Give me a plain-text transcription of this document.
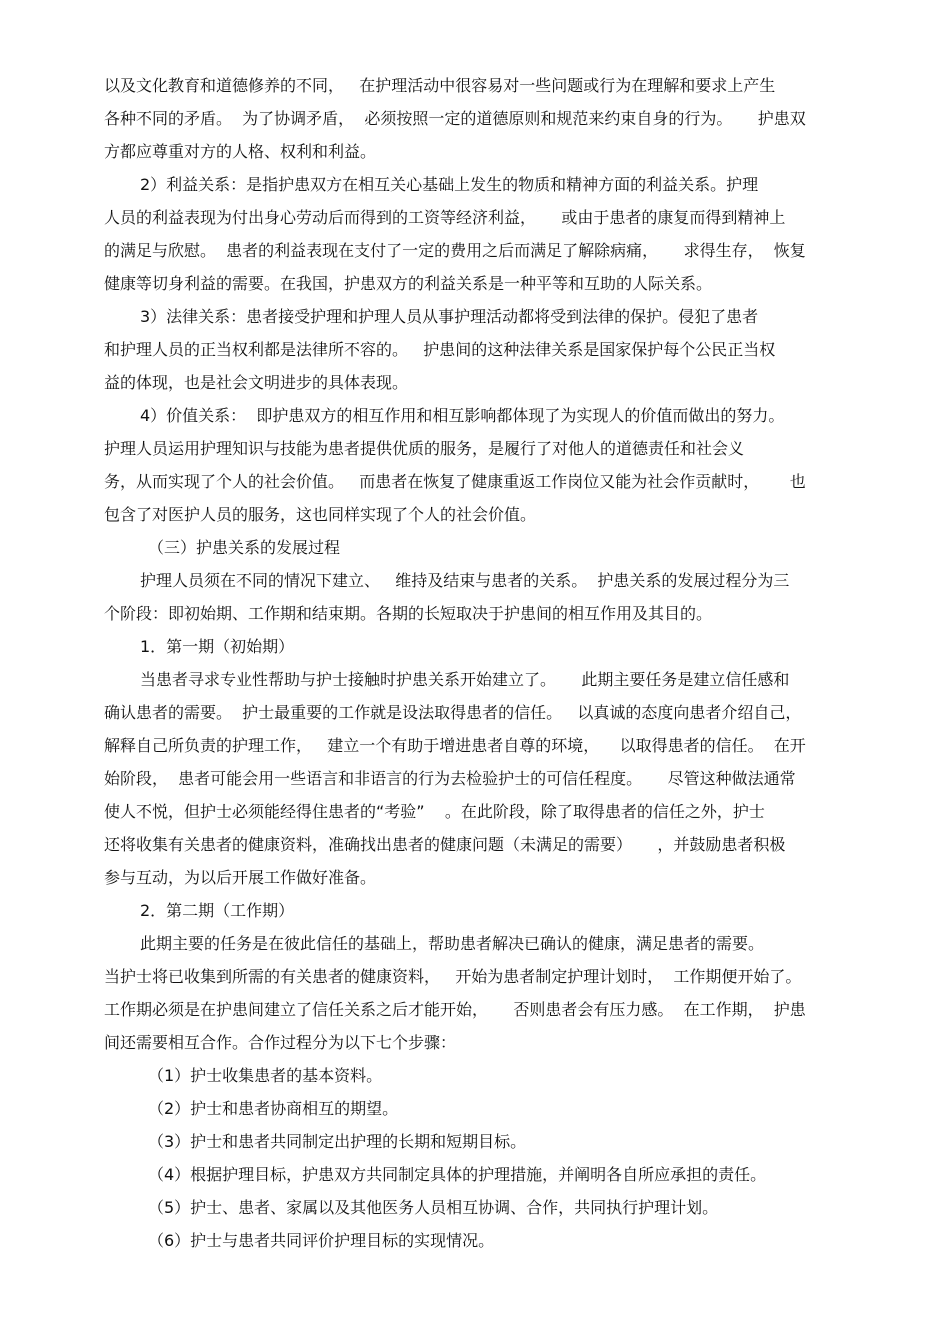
以及文化教育和道德修养的不同，   在护理活动中很容易对一些问题或行为在理解和要求上产生
各种不同的矛盾。  为了协调矛盾，  必须按照一定的道德原则和规范来约束自身的行为。     护患双
方都应尊重对方的人格、权利和利益。
2）利益关系：是指护患双方在相互关心基础上发生的物质和精神方面的利益关系。护理
人员的利益表现为付出身心劳动后而得到的工资等经济利益，     或由于患者的康复而得到精神上
的满足与欣慰。  患者的利益表现在支付了一定的费用之后而满足了解除病痛，     求得生存，  恢复
健康等切身利益的需要。在我国，护患双方的利益关系是一种平等和互助的人际关系。
3）法律关系：患者接受护理和护理人员从事护理活动都将受到法律的保护。侵犯了患者
和护理人员的正当权利都是法律所不容的。   护患间的这种法律关系是国家保护每个公民正当权
益的体现，也是社会文明进步的具体表现。
4）价值关系：  即护患双方的相互作用和相互影响都体现了为实现人的价值而做出的努力。
护理人员运用护理知识与技能为患者提供优质的服务，是履行了对他人的道德责任和社会义
务，从而实现了个人的社会价值。   而患者在恢复了健康重返工作岗位又能为社会作贡献时，      也
包含了对医护人员的服务，这也同样实现了个人的社会价值。
（三）护患关系的发展过程
护理人员须在不同的情况下建立、   维持及结束与患者的关系。  护患关系的发展过程分为三
个阶段：即初始期、工作期和结束期。各期的长短取决于护患间的相互作用及其目的。
1．第一期（初始期）
当患者寻求专业性帮助与护士接触时护患关系开始建立了。     此期主要任务是建立信任感和
确认患者的需要。  护士最重要的工作就是设法取得患者的信任。   以真诚的态度向患者介绍自己，
解释自己所负责的护理工作，   建立一个有助于增进患者自尊的环境，    以取得患者的信任。  在开
始阶段，  患者可能会用一些语言和非语言的行为去检验护士的可信任程度。     尽管这种做法通常
使人不悦，但护士必须能经得住患者的“考验”    。在此阶段，除了取得患者的信任之外，护士
还将收集有关患者的健康资料，准确找出患者的健康问题（未满足的需要）     ，并鼓励患者积极
参与互动，为以后开展工作做好准备。
2．第二期（工作期）
此期主要的任务是在彼此信任的基础上，帮助患者解决已确认的健康，满足患者的需要。
当护士将已收集到所需的有关患者的健康资料，   开始为患者制定护理计划时，  工作期便开始了。
工作期必须是在护患间建立了信任关系之后才能开始，     否则患者会有压力感。  在工作期，  护患
间还需要相互合作。合作过程分为以下七个步骤：
（1）护士收集患者的基本资料。
（2）护士和患者协商相互的期望。
（3）护士和患者共同制定出护理的长期和短期目标。
（4）根据护理目标，护患双方共同制定具体的护理措施，并阐明各自所应承担的责任。
（5）护士、患者、家属以及其他医务人员相互协调、合作，共同执行护理计划。
（6）护士与患者共同评价护理目标的实现情况。
